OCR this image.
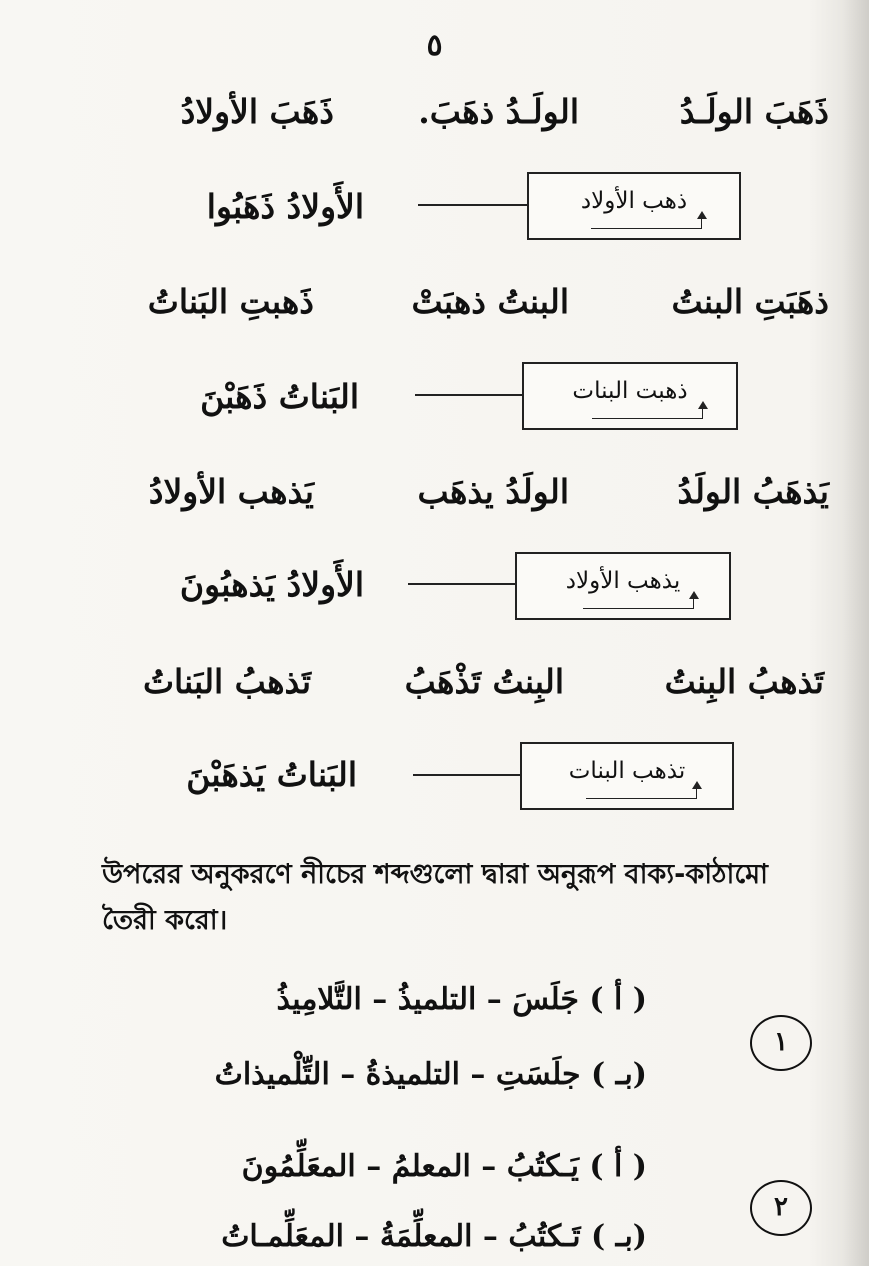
٥
ذَهَبَ الولَـدُ
الولَـدُ ذهَبَ.
ذَهَبَ الأولادُ
الأَولادُ ذَهَبُوا	ذهب الأولاد
ذهَبَتِ البنتُ
البنتُ ذهبَتْ
ذَهبتِ البَناتُ
البَناتُ ذَهَبْنَ	ذهبت البنات
يَذهَبُ الولَدُ
الولَدُ يذهَب
يَذهب الأولادُ
الأَولادُ يَذهبُونَ	يذهب الأولاد
تَذهبُ البِنتُ
البِنتُ تَذْهَبُ
تَذهبُ البَناتُ
البَناتُ يَذهَبْنَ	تذهب البنات
উপরের অনুকরণে নীচের শব্দগুলো দ্বারা অনুরূপ বাক্য-কাঠামো
তৈরী করো।
( أ ) جَلَسَ – التلميذُ – التَّلامِيذُ
(بـ ) جلَسَتِ – التلميذةُ – التِّلْميذاتُ
١
( أ ) يَـكتُبُ – المعلمُ – المعَلِّمُونَ
(بـ ) تَـكتُبُ – المعلِّمَةُ – المعَلِّمـاتُ
٢
